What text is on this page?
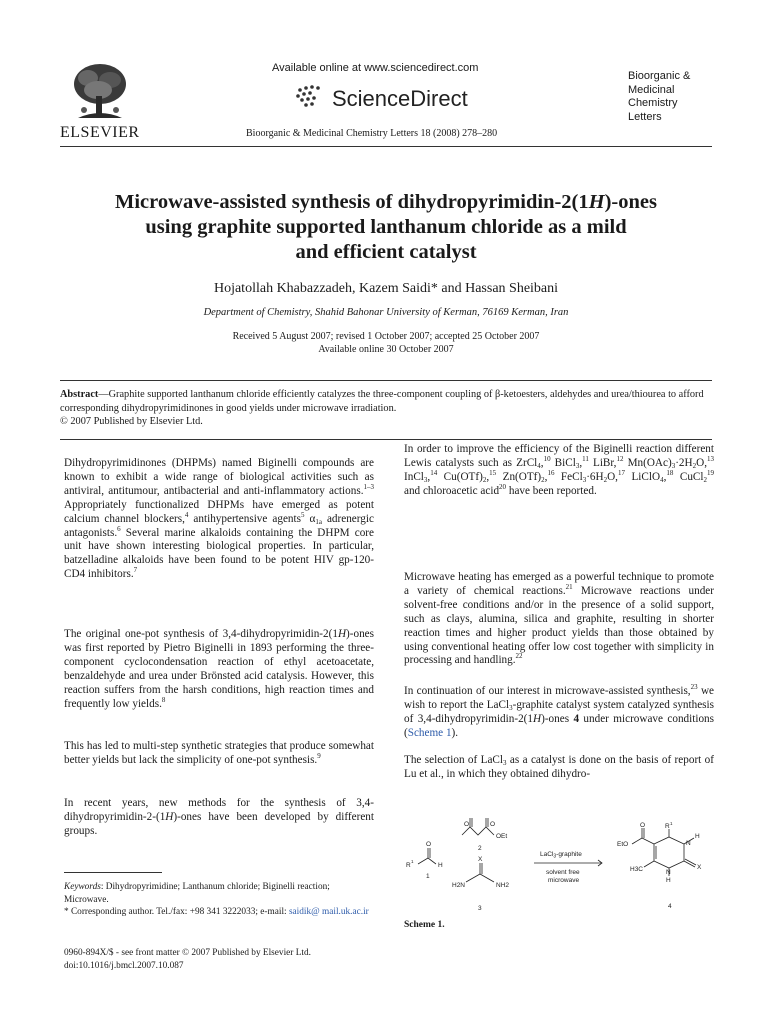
ELSEVIER
Available online at www.sciencedirect.com
ScienceDirect
Bioorganic & Medicinal Chemistry Letters 18 (2008) 278–280
Bioorganic &
Medicinal
Chemistry
Letters
Microwave-assisted synthesis of dihydropyrimidin-2(1H)-ones
using graphite supported lanthanum chloride as a mild
and efficient catalyst
Hojatollah Khabazzadeh, Kazem Saidi* and Hassan Sheibani
Department of Chemistry, Shahid Bahonar University of Kerman, 76169 Kerman, Iran
Received 5 August 2007; revised 1 October 2007; accepted 25 October 2007
Available online 30 October 2007
Abstract—Graphite supported lanthanum chloride efficiently catalyzes the three-component coupling of β-ketoesters, aldehydes and urea/thiourea to afford corresponding dihydropyrimidinones in good yields under microwave irradiation.
© 2007 Published by Elsevier Ltd.

Dihydropyrimidinones (DHPMs) named Biginelli compounds are known to exhibit a wide range of biological activities such as antiviral, antitumour, antibacterial and anti-inflammatory actions.$^{1-3}$ Appropriately functionalized DHPMs have emerged as potent calcium channel blockers,$^4$ antihypertensive agents$^5$ $\alpha_{1a}$ adrenergic antagonists.$^6$ Several marine alkaloids containing the DHPM core unit have shown interesting biological properties. In particular, batzelladine alkaloids have been found to be potent HIV gp-120-CD4 inhibitors.$^7$

The original one-pot synthesis of 3,4-dihydropyrimidin-2(1H)-ones was first reported by Pietro Biginelli in 1893 performing the three-component cyclocondensation reaction of ethyl acetoacetate, benzaldehyde and urea under Brönsted acid catalysis. However, this reaction suffers from the harsh conditions, high reaction times and frequently low yields.$^8$

This has led to multi-step synthetic strategies that produce somewhat better yields but lack the simplicity of one-pot synthesis.$^9$

In recent years, new methods for the synthesis of 3,4-dihydropyrimidin-2-(1H)-ones have been developed by different groups.

In order to improve the efficiency of the Biginelli reaction different Lewis catalysts such as ZrCl$_4$,$^{10}$ BiCl$_3$,$^{11}$ LiBr,$^{12}$ $Mn(OAc)_3\cdot 2H_2O,^{13}$ InCl$_3$,$^{14}$ $Cu(OTf)_2,^{15}$ $Zn(OTf)_2,^{16}$ $FeCl_3\cdot 6H_2O,^{17}$ LiClO$_4$,$^{18}$ CuCl$_2^{19}$ and chloroacetic acid$^{20}$ have been reported.

Microwave heating has emerged as a powerful technique to promote a variety of chemical reactions.$^{21}$ Microwave reactions under solvent-free conditions and/or in the presence of a solid support, such as clays, alumina, silica and graphite, resulting in shorter reaction times and higher product yields than those obtained by using conventional heating offer low cost together with simplicity in processing and handling.$^{22}$

In continuation of our interest in microwave-assisted synthesis,$^{23}$ we wish to report the LaCl$_3$-graphite catalyst system catalyzed synthesis of 3,4-dihydropyrimidin-2(1H)-ones 4 under microwave conditions (Scheme 1).

The selection of LaCl$_3$ as a catalyst is done on the basis of report of Lu et al., in which they obtained dihydro-

Keywords: Dihydropyrimidine; Lanthanum chloride; Biginelli reaction; Microwave.
* Corresponding author. Tel./fax: +98 341 3222033; e-mail: saidik@ mail.uk.ac.ir
0960-894X/$ - see front matter © 2007 Published by Elsevier Ltd.
doi:10.1016/j.bmcl.2007.10.087
O
O
OEt
2
O
R
1
H
1
X
H2N	NH2
3
LaCl$_3$-graphite
solvent free
microwave
O
EtO
R 1
N
H
X
N
H
H3C
4
Scheme 1.
